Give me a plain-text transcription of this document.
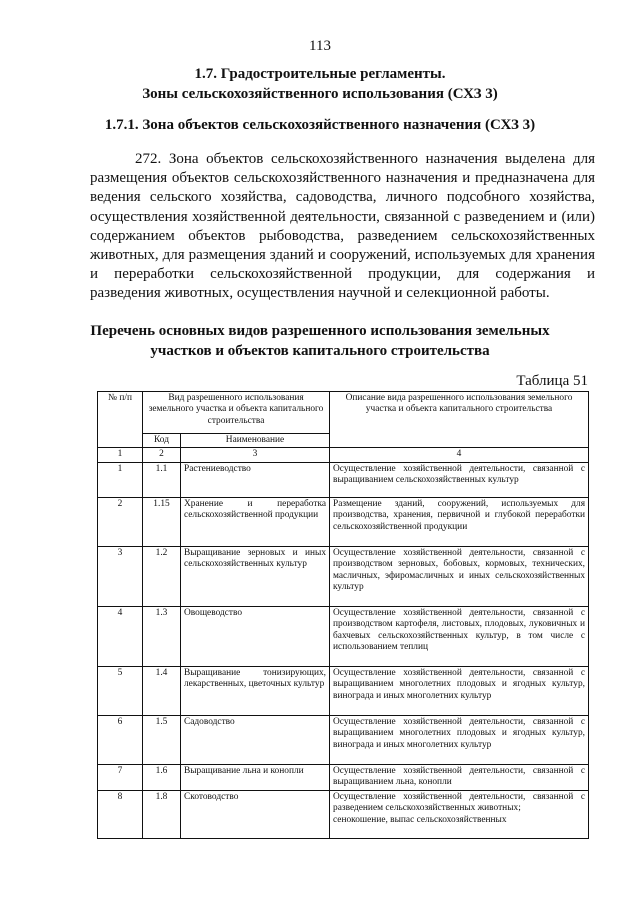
113
1.7. Градостроительные регламенты.
Зоны сельскохозяйственного использования (СХЗ 3)
1.7.1. Зона объектов сельскохозяйственного назначения (СХЗ 3)

272. Зона объектов сельскохозяйственного назначения выделена для размещения объектов сельскохозяйственного назначения и предназначена для ведения сельского хозяйства, садоводства, личного подсобного хозяйства, осуществления хозяйственной деятельности, связанной с разведением и (или) содержанием объектов рыбоводства, разведением сельскохозяйственных животных, для размещения зданий и сооружений, используемых для хранения и переработки сельскохозяйственной продукции, для содержания и разведения животных, осуществления научной и селекционной работы.

Перечень основных видов разрешенного использования земельных
участков и объектов капитального строительства
Таблица 51
№ п/п	Вид разрешенного использования земельного участка и объекта капитального строительства		Описание вида разрешенного использования земельного участка и объекта капитального строительства
	Код	Наименование	
1	2	3	4
1	1.1	Растениеводство	Осуществление хозяйственной деятельности, связанной с выращиванием сельскохозяйственных культур
2	1.15	Хранение и переработка сельскохозяйственной продукции	Размещение зданий, сооружений, используемых для производства, хранения, первичной и глубокой переработки сельскохозяйственной продукции
3	1.2	Выращивание зерновых и иных сельскохозяйственных культур	Осуществление хозяйственной деятельности, связанной с производством зерновых, бобовых, кормовых, технических, масличных, эфиромасличных и иных сельскохозяйственных культур
4	1.3	Овощеводство	Осуществление хозяйственной деятельности, связанной с производством картофеля, листовых, плодовых, луковичных и бахчевых сельскохозяйственных культур, в том числе с использованием теплиц
5	1.4	Выращивание тонизирующих, лекарственных, цветочных культур	Осуществление хозяйственной деятельности, связанной с выращиванием многолетних плодовых и ягодных культур, винограда и иных многолетних культур
6	1.5	Садоводство	Осуществление хозяйственной деятельности, связанной с выращиванием многолетних плодовых и ягодных культур, винограда и иных многолетних культур
7	1.6	Выращивание льна и конопли	Осуществление хозяйственной деятельности, связанной с выращиванием льна, конопли
8	1.8	Скотоводство	Осуществление хозяйственной деятельности, связанной с разведением сельскохозяйственных животных;
сенокошение, выпас сельскохозяйственных
